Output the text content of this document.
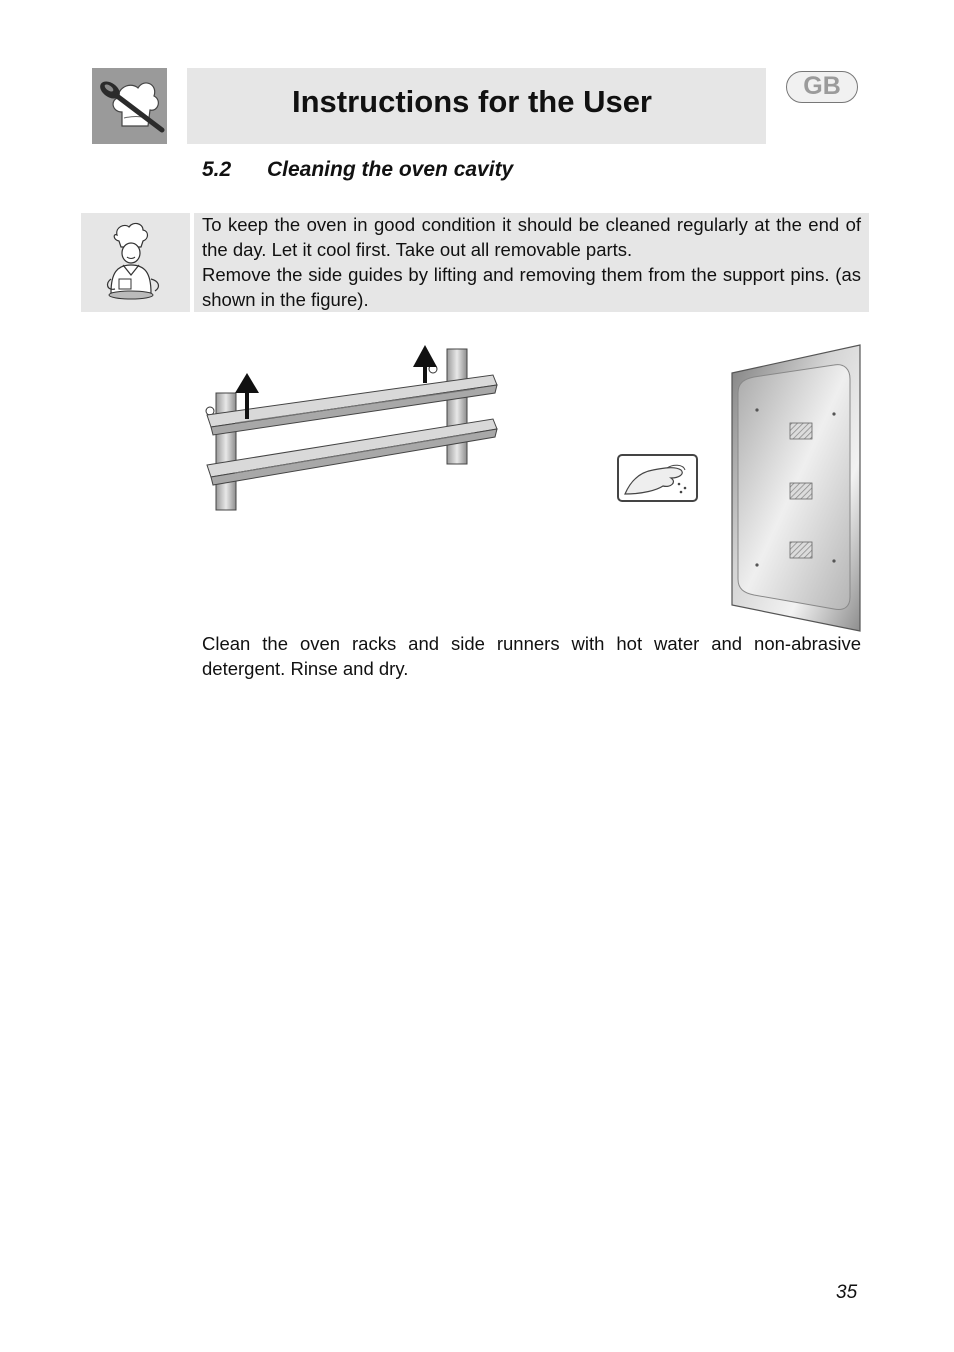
Instructions for the User	GB
5.2 Cleaning the oven cavity

To keep the oven in good condition it should be cleaned regularly at the end of the day. Let it cool first. Take out all removable parts.

Remove the side guides by lifting and removing them from the support pins. (as shown in the figure).

Clean the oven racks and side runners with hot water and non-abrasive detergent. Rinse and dry.

35
